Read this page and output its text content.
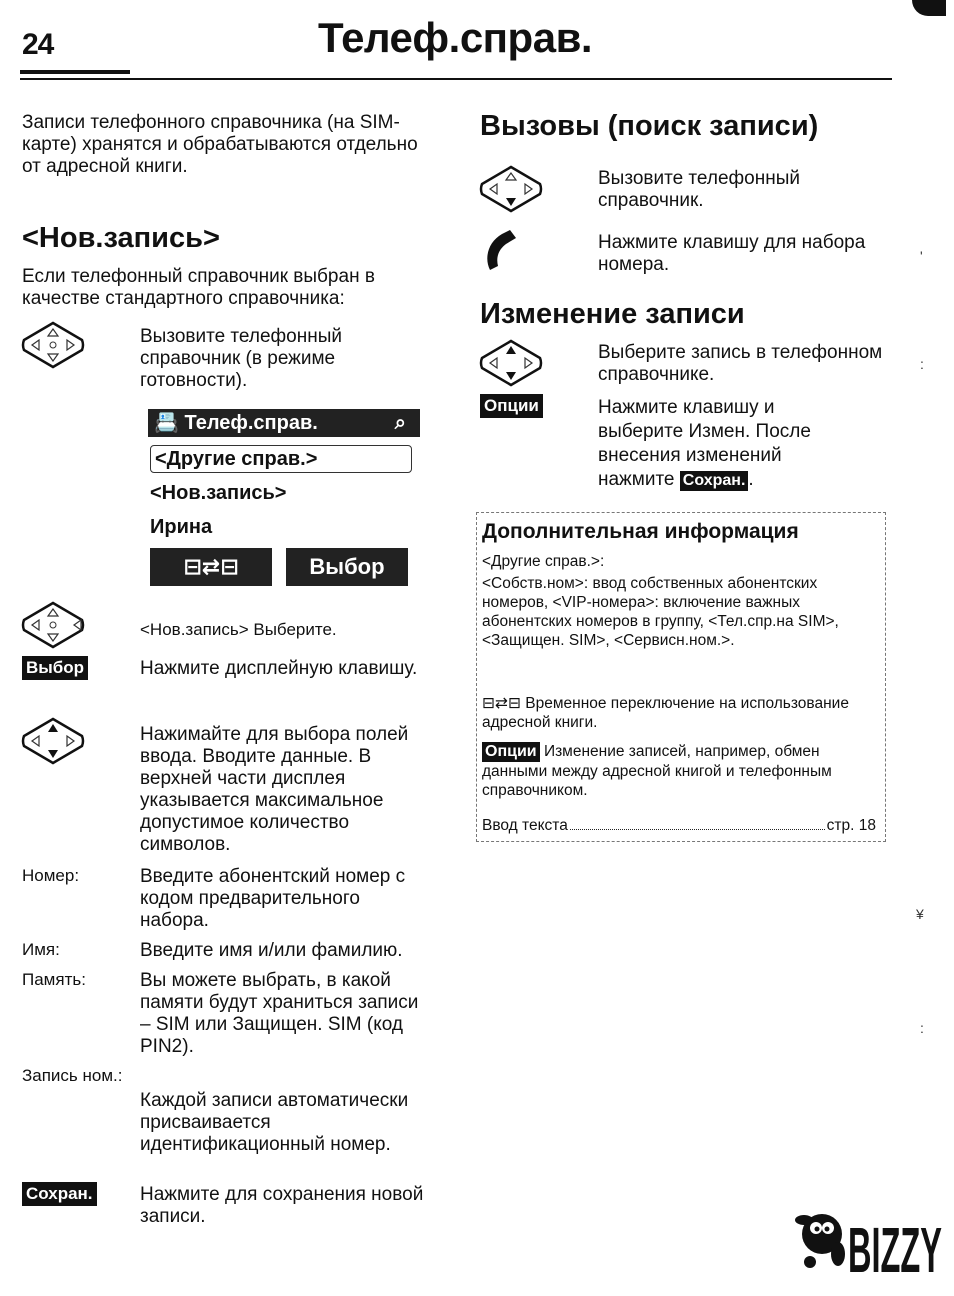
24	Телеф.справ.
Записи телефонного справочника (на SIM-карте) хранятся и обрабатываются отдельно от адресной книги.
<Нов.запись>
Если телефонный справочник выбран в качестве стандартного справочника:
Вызовите телефонный справочник (в режиме готовности).
📇 Телеф.справ.	⌕
<Другие справ.>
<Нов.запись>
Ирина
⊟⇄⊟	Выбор
<Нов.запись> Выберите.
Выбор	Нажмите дисплейную клавишу.
Нажимайте для выбора полей ввода. Вводите данные. В верхней части дисплея указывается максимальное допустимое количество символов.
Номер:	Введите абонентский номер с кодом предварительного набора.
Имя:	Введите имя и/или фамилию.
Память:	Вы можете выбрать, в какой памяти будут храниться записи – SIM или Защищен. SIM (код PIN2).
Запись ном.:
Каждой записи автоматически присваивается идентификационный номер.
Сохран. Нажмите для сохранения новой записи.
Вызовы (поиск записи)
Вызовите телефонный справочник.
Нажмите клавишу для набора номера.
Изменение записи
Выберите запись в телефонном справочнике.
Опции	Нажмите клавишу и выберите Измен. После внесения изменений нажмите Сохран. .
Дополнительная информация
<Другие справ.>:
<Собств.ном>: ввод собственных абонентских номеров, <VIP-номера>: включение важных абонентских номеров в группу, <Тел.спр.на SIM>, <Защищен. SIM>, <Сервисн.ном.>.
⊟⇄⊟ Временное переключение на использование адресной книги.
Опции Изменение записей, например, обмен данными между адресной книгой и телефонным справочником.
Ввод текста	стр. 18
'
:
¥
:
BIZZY
